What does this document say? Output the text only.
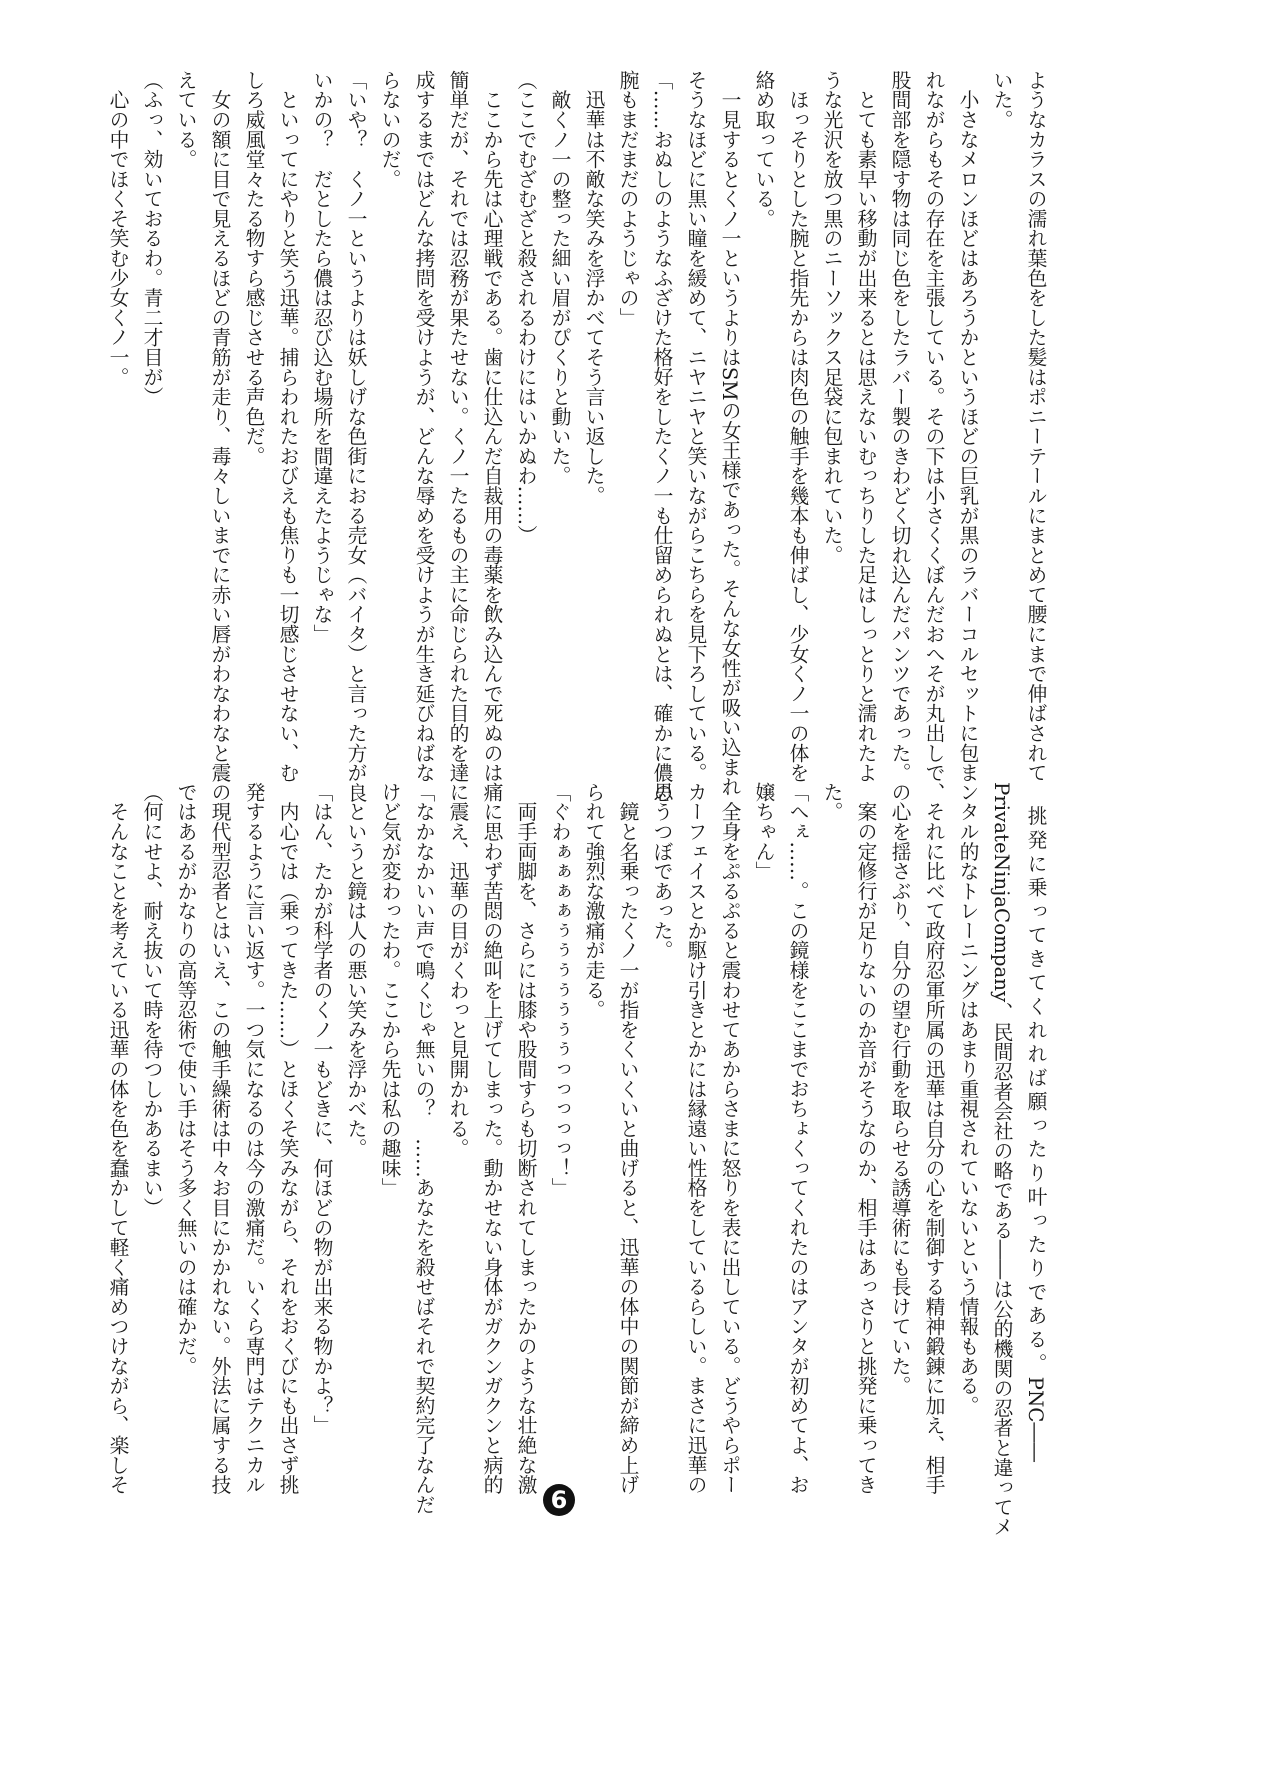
ようなカラスの濡れ葉色をした髪はポニーテールにまとめて腰にまで伸ばされて
いた。
　小さなメロンほどはあろうかというほどの巨乳が黒のラバーコルセットに包ま
れながらもその存在を主張している。その下は小さくくぼんだおへそが丸出しで、
股間部を隠す物は同じ色をしたラバー製のきわどく切れ込んだパンツであった。
　とても素早い移動が出来るとは思えないむっちりした足はしっとりと濡れたよ
うな光沢を放つ黒のニーソックス足袋に包まれていた。
　ほっそりとした腕と指先からは肉色の触手を幾本も伸ばし、少女くノ一の体を
絡め取っている。
　一見するとくノ一というよりはSMの女王様であった。そんな女性が吸い込まれ
そうなほどに黒い瞳を緩めて、ニヤニヤと笑いながらこちらを見下ろしている。
「……おぬしのようなふざけた格好をしたくノ一も仕留められぬとは、確かに儂の
腕もまだまだのようじゃの」
　迅華は不敵な笑みを浮かべてそう言い返した。
　敵くノ一の整った細い眉がぴくりと動いた。
（ここでむざむざと殺されるわけにはいかぬわ……）
　ここから先は心理戦である。歯に仕込んだ自裁用の毒薬を飲み込んで死ぬのは
簡単だが、それでは忍務が果たせない。くノ一たるもの主に命じられた目的を達
成するまではどんな拷問を受けようが、どんな辱めを受けようが生き延びねばな
らないのだ。
「いや？　くノ一というよりは妖しげな色街におる売女（バイタ）と言った方が良
いかの？　だとしたら儂は忍び込む場所を間違えたようじゃな」
　といってにやりと笑う迅華。捕らわれたおびえも焦りも一切感じさせない、む
しろ威風堂々たる物すら感じさせる声色だ。
　女の額に目で見えるほどの青筋が走り、毒々しいまでに赤い唇がわなわなと震
えている。
（ふっ、効いておるわ。青二才目が）
　心の中でほくそ笑む少女くノ一。
　挑発に乗ってきてくれれば願ったり叶ったりである。PNC――
PrivateNinjaCompany、民間忍者会社の略である――は公的機関の忍者と違ってメ
ンタル的なトレーニングはあまり重視されていないという情報もある。
　それに比べて政府忍軍所属の迅華は自分の心を制御する精神鍛錬に加え、相手
の心を揺さぶり、自分の望む行動を取らせる誘導術にも長けていた。
　案の定修行が足りないのか音がそうなのか、相手はあっさりと挑発に乗ってき
た。
「へぇ……。この鏡様をここまでおちょくってくれたのはアンタが初めてよ、お
嬢ちゃん」
　全身をぷるぷると震わせてあからさまに怒りを表に出している。どうやらポー
カーフェイスとか駆け引きとかには縁遠い性格をしているらしい。まさに迅華の
思うつぼであった。
　鏡と名乗ったくノ一が指をくいくいと曲げると、迅華の体中の関節が締め上げ
られて強烈な激痛が走る。
「ぐわぁぁぁぁぅぅぅぅぅぅぅっっっっっ！」
　両手両脚を、さらには膝や股間すらも切断されてしまったかのような壮絶な激
痛に思わず苦悶の絶叫を上げてしまった。動かせない身体がガクンガクンと病的
に震え、迅華の目がくわっと見開かれる。
「なかなかいい声で鳴くじゃ無いの？　……あなたを殺せばそれで契約完了なんだ
けど気が変わったわ。ここから先は私の趣味」
　というと鏡は人の悪い笑みを浮かべた。
「はん、たかが科学者のくノ一もどきに、何ほどの物が出来る物かよ？」
　内心では（乗ってきた……）とほくそ笑みながら、それをおくびにも出さず挑
発するように言い返す。一つ気になるのは今の激痛だ。いくら専門はテクニカル
の現代型忍者とはいえ、この触手繰術は中々お目にかかれない。外法に属する技
ではあるがかなりの高等忍術で使い手はそう多く無いのは確かだ。
（何にせよ、耐え抜いて時を待つしかあるまい）
　そんなことを考えている迅華の体を色を蠢かして軽く痛めつけながら、楽しそ
6
